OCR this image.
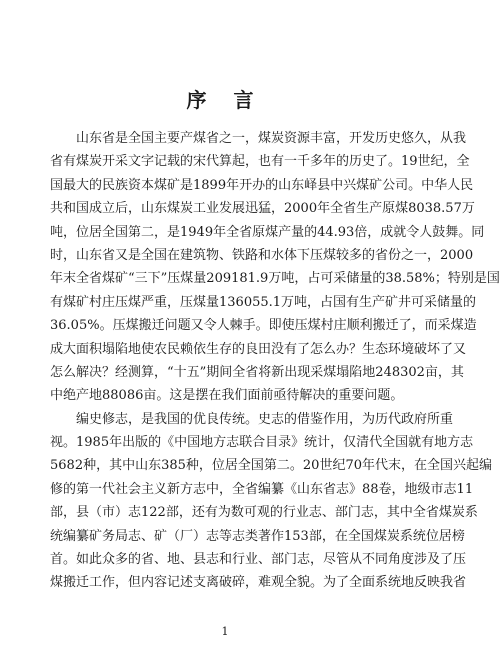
序 言
山东省是全国主要产煤省之一，煤炭资源丰富，开发历史悠久，从我
省有煤炭开采文字记载的宋代算起，也有一千多年的历史了。19世纪，全
国最大的民族资本煤矿是1899年开办的山东峄县中兴煤矿公司。中华人民
共和国成立后，山东煤炭工业发展迅猛，2000年全省生产原煤8038.57万
吨，位居全国第二，是1949年全省原煤产量的44.93倍，成就令人鼓舞。同
时，山东省又是全国在建筑物、铁路和水体下压煤较多的省份之一，2000
年末全省煤矿“三下”压煤量209181.9万吨，占可采储量的38.58%；特别是国
有煤矿村庄压煤严重，压煤量136055.1万吨，占国有生产矿井可采储量的
36.05%。压煤搬迁问题又令人棘手。即使压煤村庄顺利搬迁了，而采煤造
成大面积塌陷地使农民赖依生存的良田没有了怎么办？生态环境破坏了又
怎么解决？经测算，“十五”期间全省将新出现采煤塌陷地248302亩，其
中绝产地88086亩。这是摆在我们面前亟待解决的重要问题。
编史修志，是我国的优良传统。史志的借鉴作用，为历代政府所重
视。1985年出版的《中国地方志联合目录》统计，仅清代全国就有地方志
5682种，其中山东385种，位居全国第二。20世纪70年代末，在全国兴起编
修的第一代社会主义新方志中，全省编纂《山东省志》88卷，地级市志11
部，县（市）志122部，还有为数可观的行业志、部门志，其中全省煤炭系
统编纂矿务局志、矿（厂）志等志类著作153部，在全国煤炭系统位居榜
首。如此众多的省、地、县志和行业、部门志，尽管从不同角度涉及了压
煤搬迁工作，但内容记述支离破碎，难观全貌。为了全面系统地反映我省
1
